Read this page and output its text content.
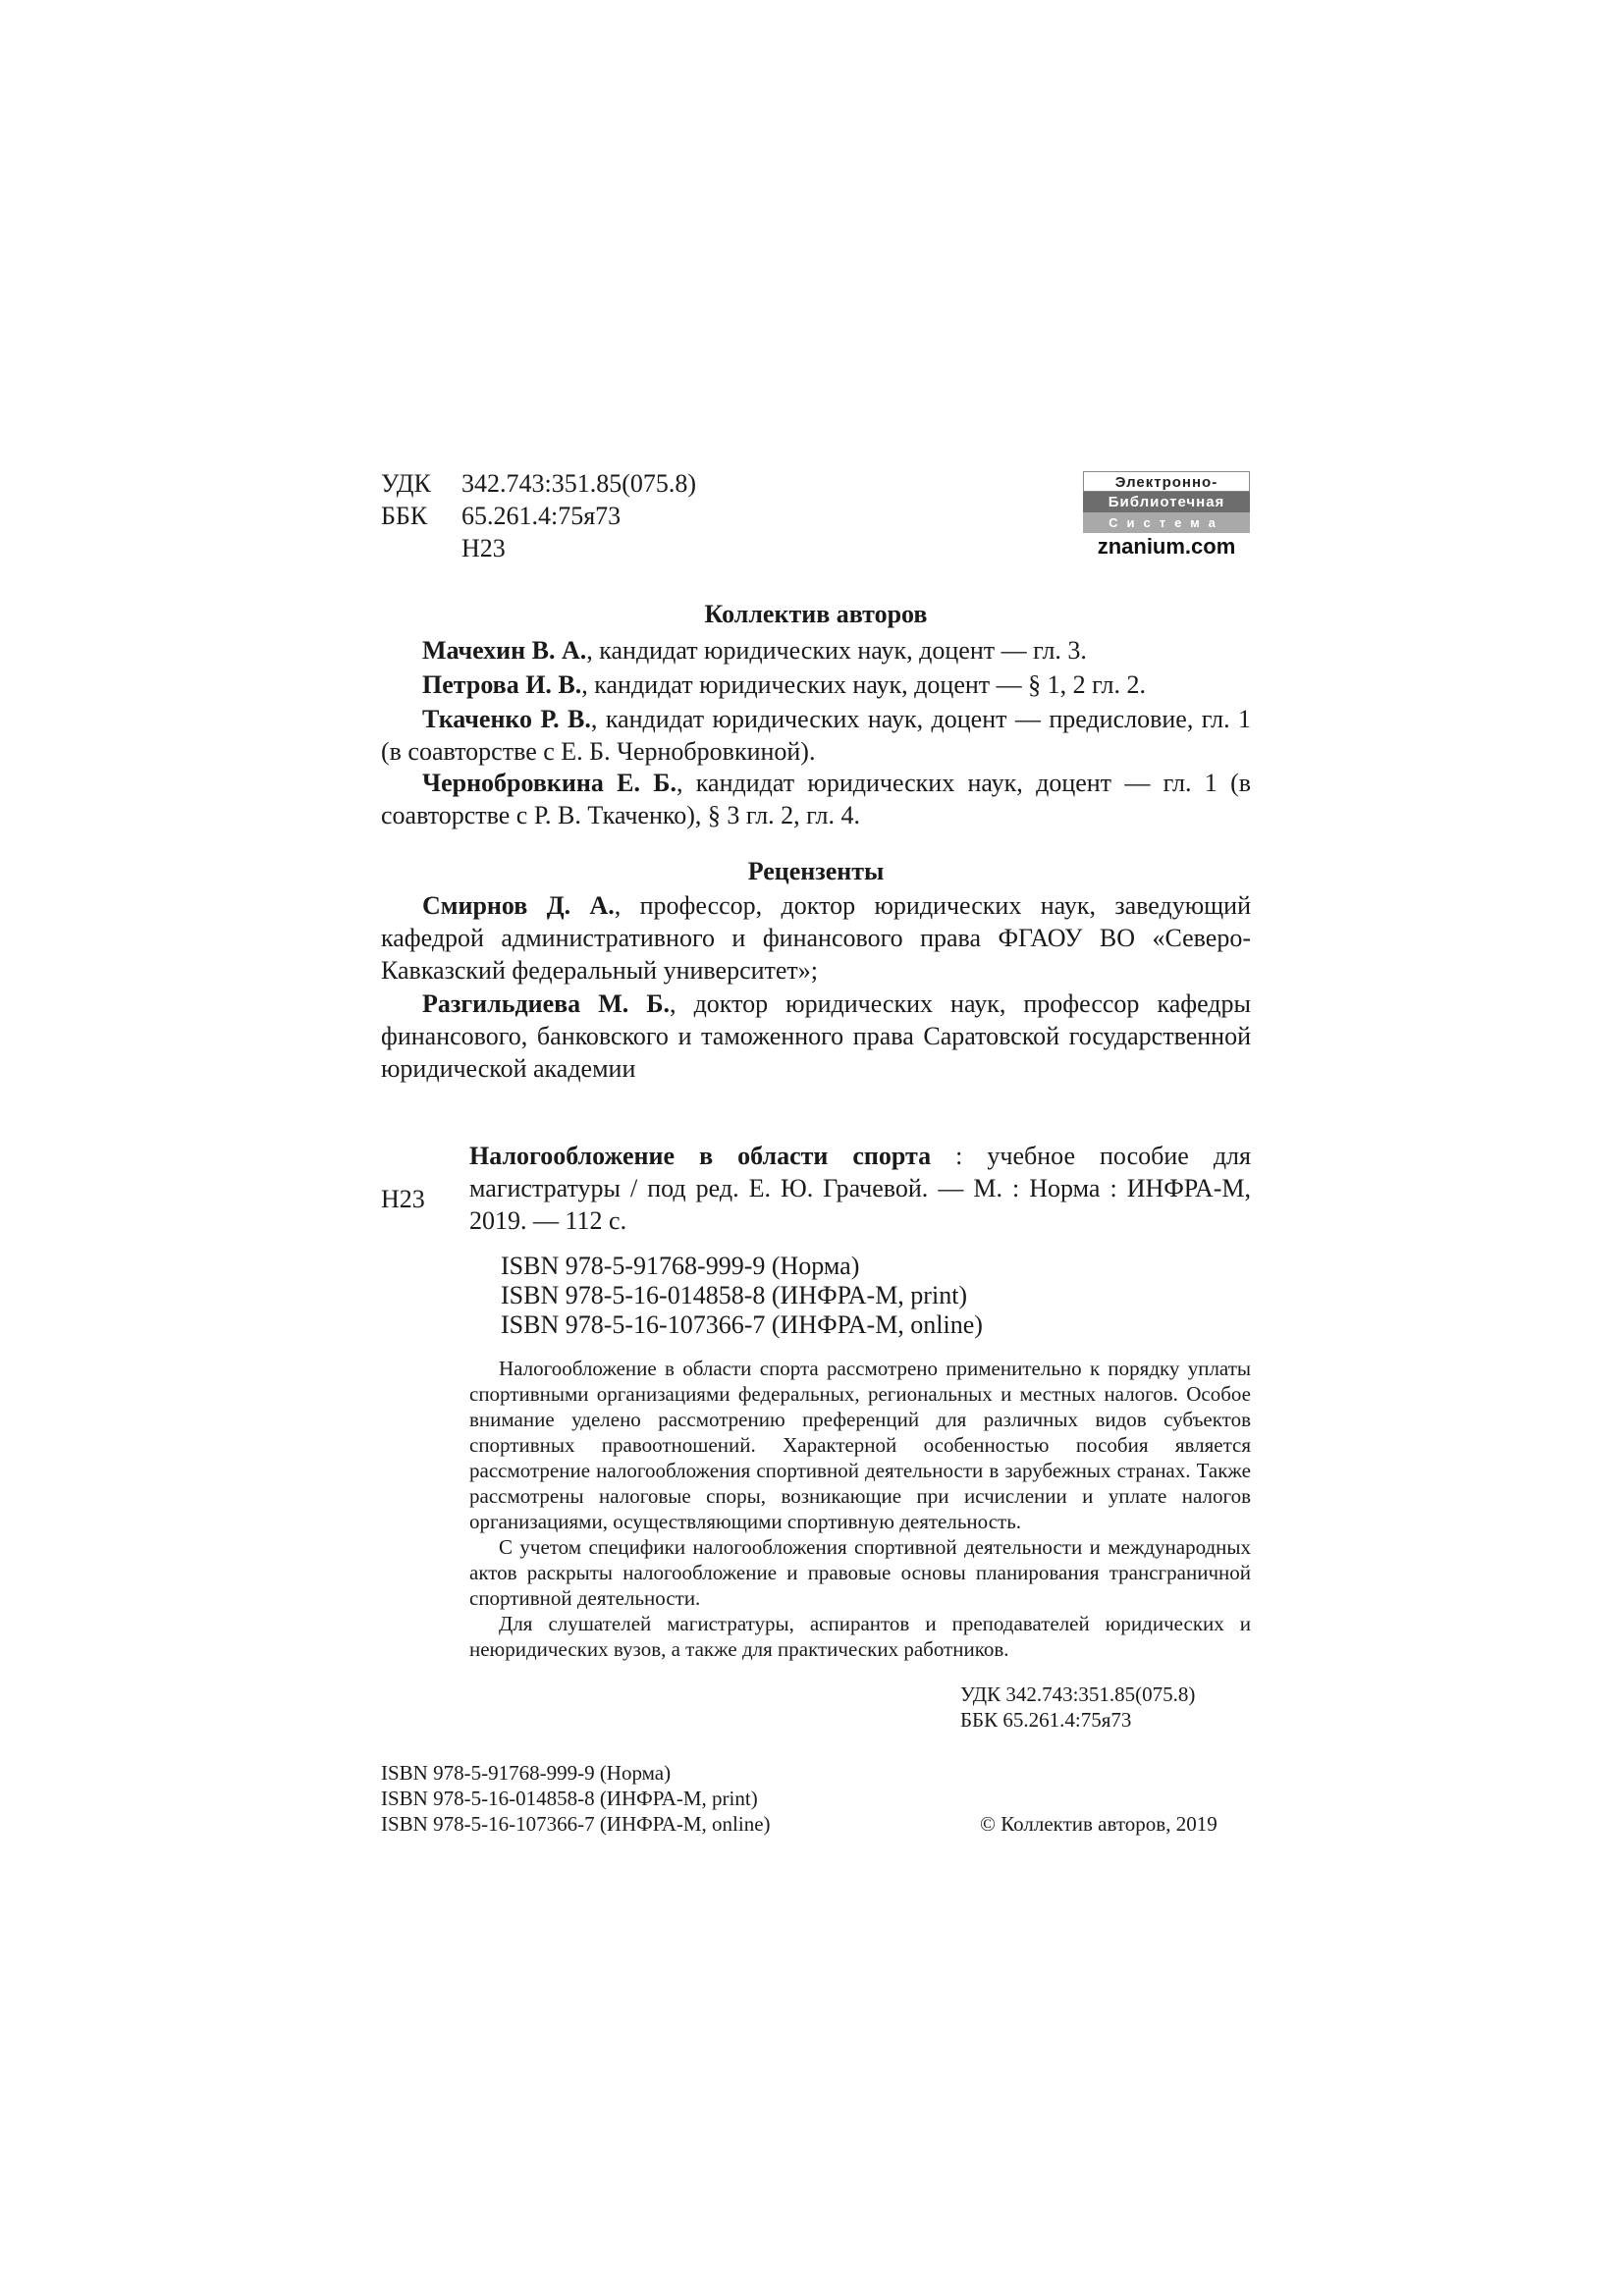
УДК	342.743:351.85(075.8)
ББК	65.261.4:75я73
Н23
Электронно-
Библиотечная
Система
znanium.com
Коллектив авторов
Мачехин В. А., кандидат юридических наук, доцент — гл. 3.
Петрова И. В., кандидат юридических наук, доцент — § 1, 2 гл. 2.
Ткаченко Р. В., кандидат юридических наук, доцент — предисловие, гл. 1 (в соавторстве с Е. Б. Чернобровкиной).
Чернобровкина Е. Б., кандидат юридических наук, доцент — гл. 1 (в соавторстве с Р. В. Ткаченко), § 3 гл. 2, гл. 4.
Рецензенты
Смирнов Д. А., профессор, доктор юридических наук, заведующий кафедрой административного и финансового права ФГАОУ ВО «Северо-Кавказский федеральный университет»;
Разгильдиева М. Б., доктор юридических наук, профессор кафедры финансового, банковского и таможенного права Саратовской государственной юридической академии
Н23
Налогообложение в области спорта : учебное пособие для магистратуры / под ред. Е. Ю. Грачевой. — М. : Норма : ИНФРА-М, 2019. — 112 с.
ISBN 978-5-91768-999-9 (Норма)
ISBN 978-5-16-014858-8 (ИНФРА-М, print)
ISBN 978-5-16-107366-7 (ИНФРА-М, online)
Налогообложение в области спорта рассмотрено применительно к порядку уплаты спортивными организациями федеральных, региональных и местных налогов. Особое внимание уделено рассмотрению преференций для различных видов субъектов спортивных правоотношений. Характерной особенностью пособия является рассмотрение налогообложения спортивной деятельности в зарубежных странах. Также рассмотрены налоговые споры, возникающие при исчислении и уплате налогов организациями, осуществляющими спортивную деятельность.
С учетом специфики налогообложения спортивной деятельности и международных актов раскрыты налогообложение и правовые основы планирования трансграничной спортивной деятельности.
Для слушателей магистратуры, аспирантов и преподавателей юридических и неюридических вузов, а также для практических работников.
УДК 342.743:351.85(075.8)
ББК 65.261.4:75я73
ISBN 978-5-91768-999-9 (Норма)
ISBN 978-5-16-014858-8 (ИНФРА-М, print)
ISBN 978-5-16-107366-7 (ИНФРА-М, online)	© Коллектив авторов, 2019
